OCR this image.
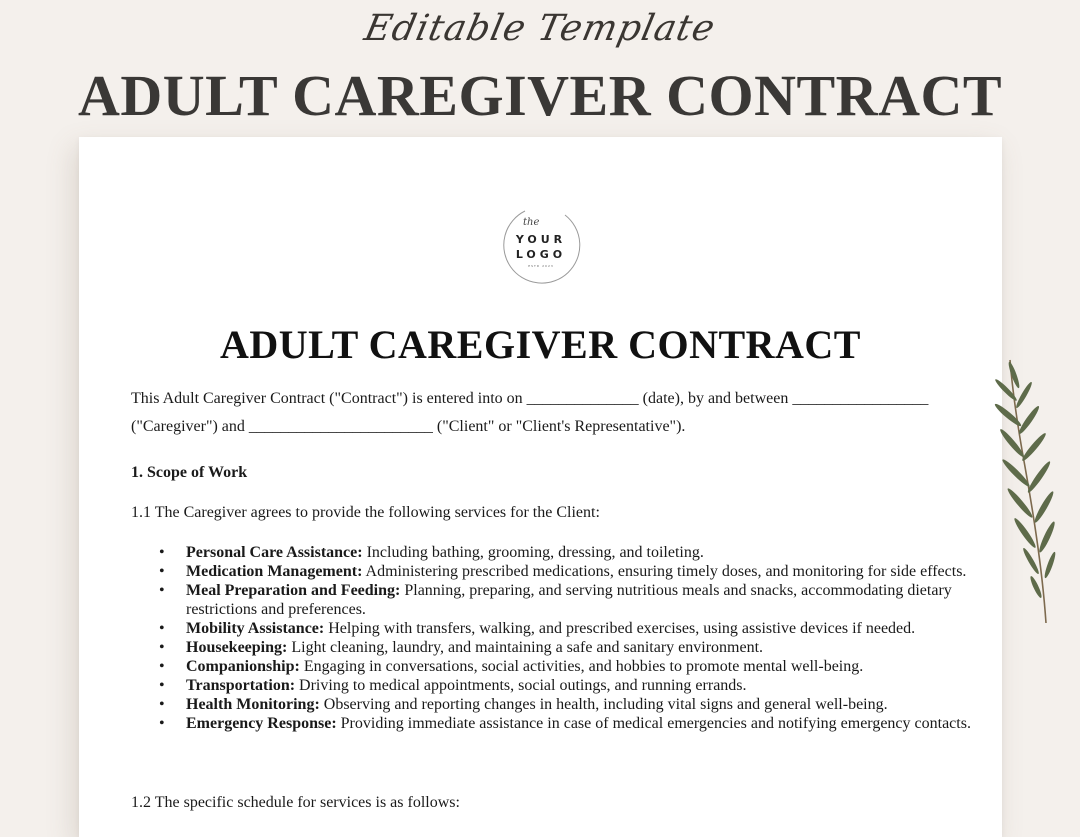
Editable Template
ADULT CAREGIVER CONTRACT
the
YOUR
LOGO
ESTD 2023
ADULT CAREGIVER CONTRACT
This Adult Caregiver Contract ("Contract") is entered into on ______________ (date), by and between _________________
("Caregiver") and _______________________ ("Client" or "Client's Representative").
1. Scope of Work
1.1 The Caregiver agrees to provide the following services for the Client:
• Personal Care Assistance: Including bathing, grooming, dressing, and toileting.
• Medication Management: Administering prescribed medications, ensuring timely doses, and monitoring for side effects.
• Meal Preparation and Feeding: Planning, preparing, and serving nutritious meals and snacks, accommodating dietary restrictions and preferences.
• Mobility Assistance: Helping with transfers, walking, and prescribed exercises, using assistive devices if needed.
• Housekeeping: Light cleaning, laundry, and maintaining a safe and sanitary environment.
• Companionship: Engaging in conversations, social activities, and hobbies to promote mental well-being.
• Transportation: Driving to medical appointments, social outings, and running errands.
• Health Monitoring: Observing and reporting changes in health, including vital signs and general well-being.
• Emergency Response: Providing immediate assistance in case of medical emergencies and notifying emergency contacts.
1.2 The specific schedule for services is as follows:
